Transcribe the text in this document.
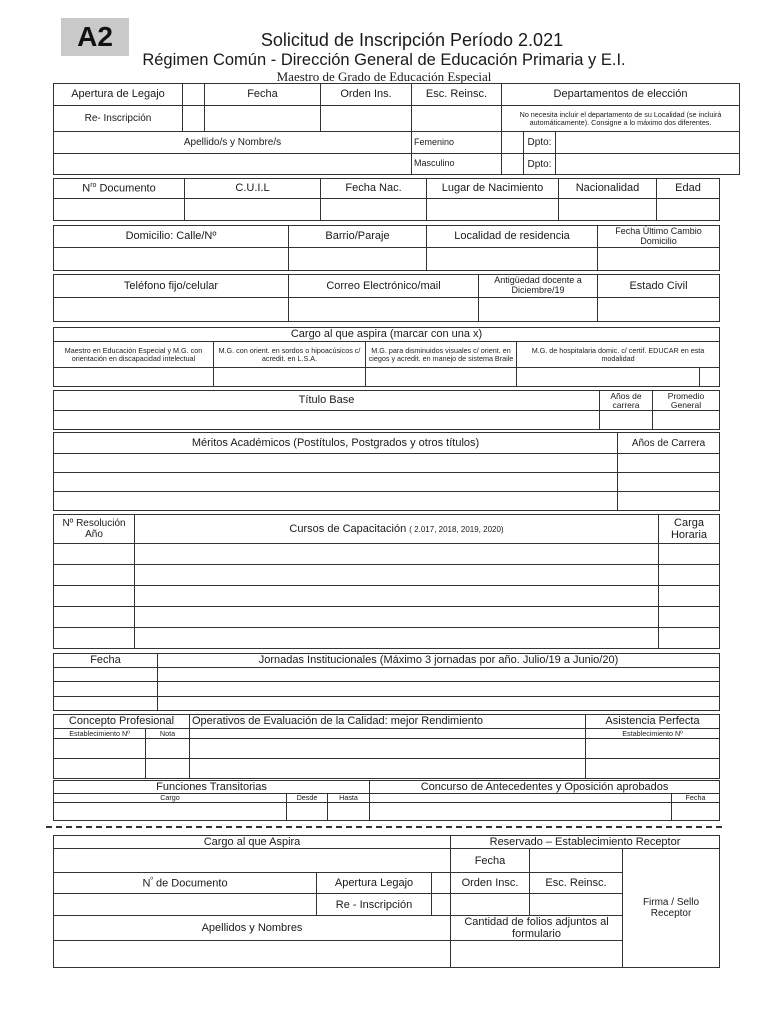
A2	Solicitud de Inscripción Período 2.021
Régimen Común - Dirección General de Educación Primaria y E.I.
Maestro de Grado de Educación Especial
Apertura de Legajo		Fecha	Orden Ins.	Esc. Reinsc.	Departamentos de elección		
Re- Inscripción					No necesita incluir el departamento de su Localidad (se incluirá automáticamente). Consigne a lo máximo dos diferentes.		
Apellido/s y Nombre/s				Femenino		Dpto:	
				Masculino		Dpto:	
$N^{ro}$ Documento	C.U.I.L	Fecha Nac.	Lugar de Nacimiento	Nacionalidad	Edad

Domicilio: Calle/Nº	Barrio/Paraje	Localidad de residencia	Fecha Último Cambio Domicilio

Teléfono fijo/celular	Correo Electrónico/mail	Antigüedad docente a Diciembre/19	Estado Civil

Cargo al que aspira (marcar con una x)				
Maestro en Educación Especial y M.G. con orientación en discapacidad intelectual	M.G. con orient. en sordos o hipoacúsicos c/ acredit. en L.S.A.	M.G. para disminuidos visuales c/ orient. en ciegos y acredit. en manejo de sistema Braile	M.G. de hospitalaria domic. c/ certif. EDUCAR en esta modalidad	

Título Base	Años de carrera	Promedio General

Méritos Académicos (Postítulos, Postgrados y otros títulos)	Años de Carrera

Nº Resolución Año	Cursos de Capacitación ( 2.017, 2018, 2019, 2020)	Carga Horaria

Fecha	Jornadas Institucionales (Máximo 3 jornadas por año. Julio/19 a Junio/20)

Concepto Profesional		Operativos de Evaluación de la Calidad: mejor Rendimiento	Asistencia Perfecta
Establecimiento Nº	Nota		Establecimiento Nº

Funciones Transitorias			Concurso de Antecedentes y Oposición aprobados	
Cargo	Desde	Hasta		Fecha

Cargo al que Aspira			Reservado – Establecimiento Receptor		
			Fecha		Firma / Sello Receptor
$N^º$ de Documento	Apertura Legajo		Orden Insc.	Esc. Reinsc.	
	Re - Inscripción				
Apellidos y Nombres			Cantidad de folios adjuntos al formulario		
